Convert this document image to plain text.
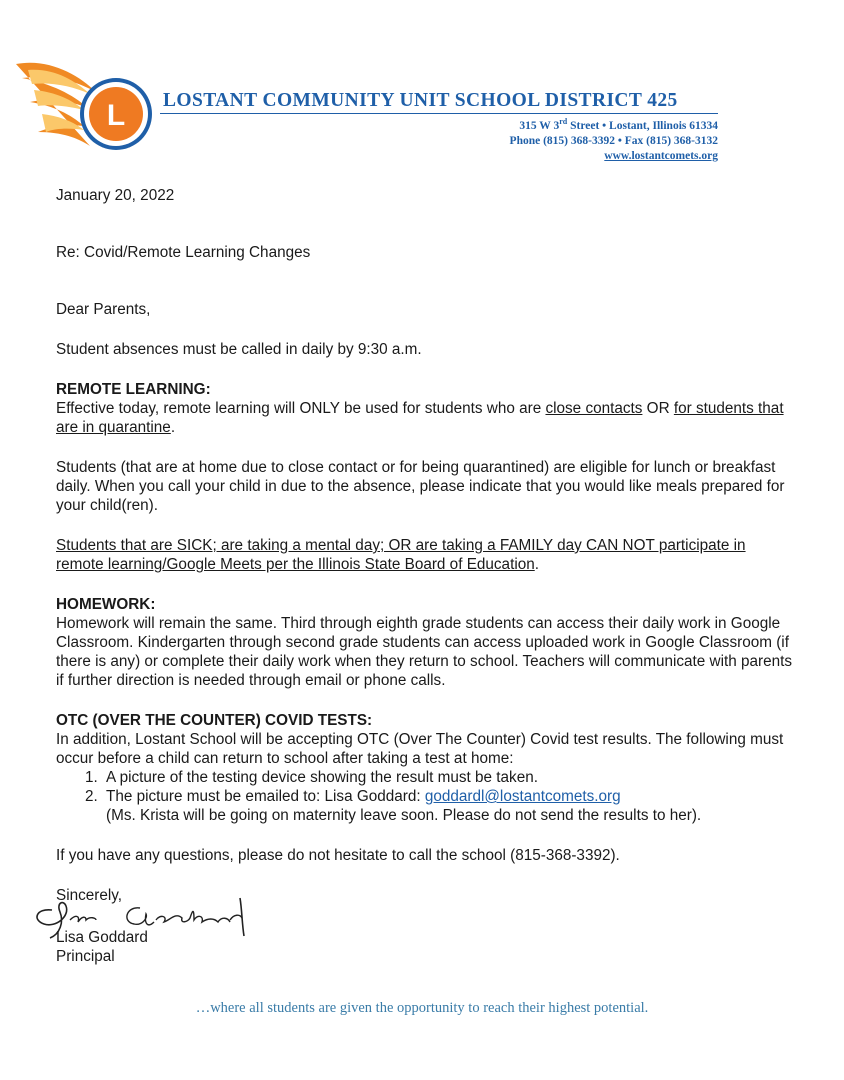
L LOSTANT COMMUNITY UNIT SCHOOL DISTRICT 425
315 W 3rd Street • Lostant, Illinois 61334
Phone (815) 368-3392 • Fax (815) 368-3132
www.lostantcomets.org

January 20, 2022

Re: Covid/Remote Learning Changes

Dear Parents,

Student absences must be called in daily by 9:30 a.m.

REMOTE LEARNING:

Effective today, remote learning will ONLY be used for students who are close contacts OR for students that are in quarantine.

Students (that are at home due to close contact or for being quarantined) are eligible for lunch or breakfast daily. When you call your child in due to the absence, please indicate that you would like meals prepared for your child(ren).

Students that are SICK; are taking a mental day; OR are taking a FAMILY day CAN NOT participate in remote learning/Google Meets per the Illinois State Board of Education.

HOMEWORK:

Homework will remain the same. Third through eighth grade students can access their daily work in Google Classroom. Kindergarten through second grade students can access uploaded work in Google Classroom (if there is any) or complete their daily work when they return to school. Teachers will communicate with parents if further direction is needed through email or phone calls.

OTC (OVER THE COUNTER) COVID TESTS:

In addition, Lostant School will be accepting OTC (Over The Counter) Covid test results. The following must occur before a child can return to school after taking a test at home:

1. A picture of the testing device showing the result must be taken.
2. The picture must be emailed to: Lisa Goddard: goddardl@lostantcomets.org
(Ms. Krista will be going on maternity leave soon. Please do not send the results to her).

If you have any questions, please do not hesitate to call the school (815-368-3392).

Sincerely,

Lisa Goddard
Principal
…where all students are given the opportunity to reach their highest potential.
